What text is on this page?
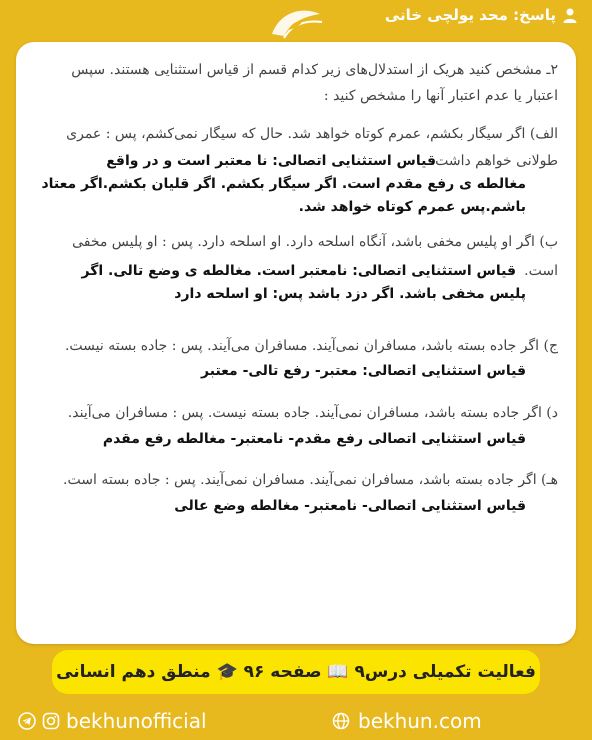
پاسخ: محد یولچی خانی
۲ـ مشخص کنید هریک از استدلال‌های زیر کدام قسم از قیاس استثنایی هستند. سپس
اعتبار یا عدم اعتبار آنها را مشخص کنید :
الف) اگر سیگار بکشم، عمرم کوتاه خواهد شد. حال که سیگار نمی‌کشم، پس : عمری
طولانی خواهم داشت.
قیاس استثنایی اتصالی: نا معتبر است و در واقع
مغالطه ی رفع مقدم است. اگر سیگار بکشم. اگر قلیان بکشم.اگر معتاد
باشم.پس عمرم کوتاه خواهد شد.
ب) اگر او پلیس مخفی باشد، آنگاه اسلحه دارد. او اسلحه دارد. پس : او پلیس مخفی
است.
قیاس استثنایی اتصالی: نامعتبر است. مغالطه ی وضع تالی. اگر
پلیس مخفی باشد. اگر دزد باشد پس: او اسلحه دارد
ج) اگر جاده بسته باشد، مسافران نمی‌آیند. مسافران می‌آیند. پس : جاده بسته نیست.
قیاس استثنایی اتصالی: معتبر- رفع تالی- معتبر
د) اگر جاده بسته باشد، مسافران نمی‌آیند. جاده بسته نیست. پس : مسافران می‌آیند.
قیاس استثنایی اتصالی رفع مقدم- نامعتبر- مغالطه رفع مقدم
هـ) اگر جاده بسته باشد، مسافران نمی‌آیند. مسافران نمی‌آیند. پس : جاده بسته است.
قیاس استثنایی اتصالی- نامعتبر- مغالطه وضع عالی
فعالیت تکمیلی درس۹ 📖 صفحه ۹۶ 🎓 منطق دهم انسانی
bekhunofficial	bekhun.com
